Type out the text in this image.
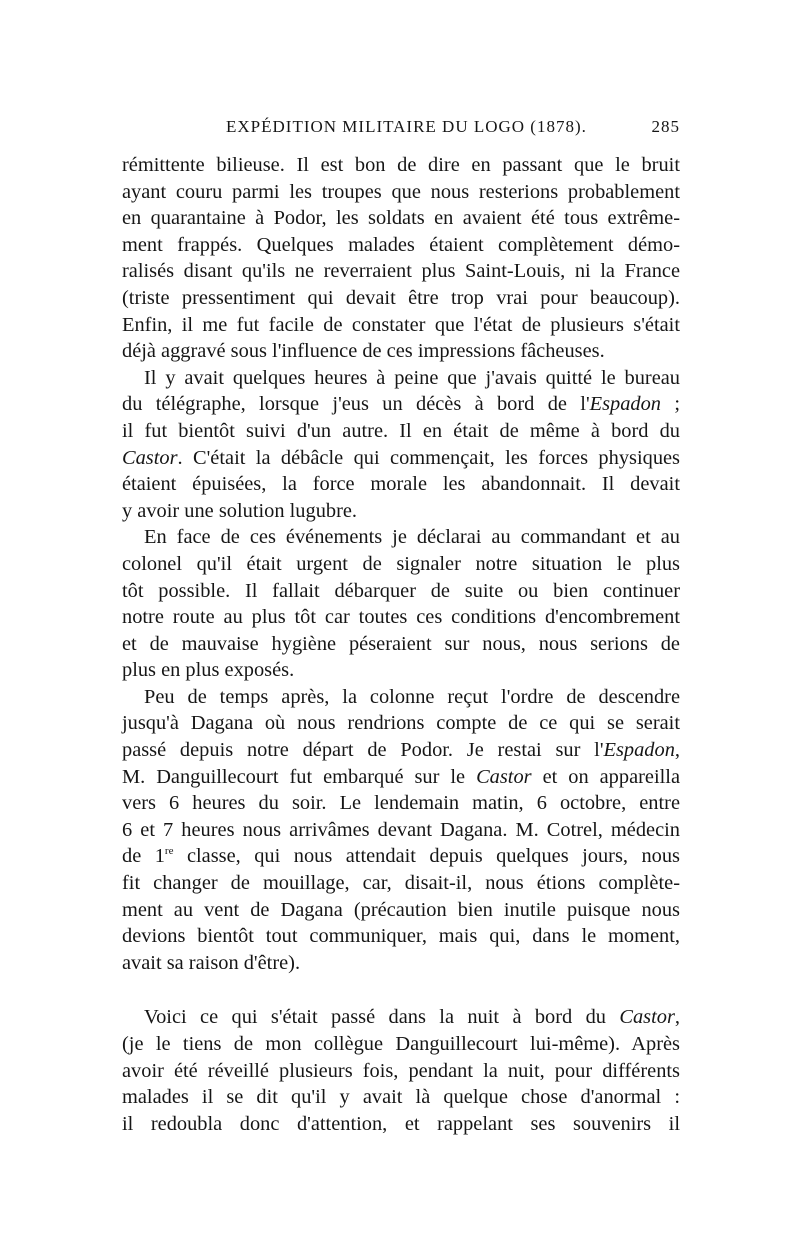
EXPÉDITION MILITAIRE DU LOGO (1878).	285
rémittente bilieuse. Il est bon de dire en passant que le bruit
ayant couru parmi les troupes que nous resterions probablement
en quarantaine à Podor, les soldats en avaient été tous extrême-
ment frappés. Quelques malades étaient complètement démo-
ralisés disant qu'ils ne reverraient plus Saint-Louis, ni la France
(triste pressentiment qui devait être trop vrai pour beaucoup).
Enfin, il me fut facile de constater que l'état de plusieurs s'était
déjà aggravé sous l'influence de ces impressions fâcheuses.
Il y avait quelques heures à peine que j'avais quitté le bureau
du télégraphe, lorsque j'eus un décès à bord de l'Espadon ;
il fut bientôt suivi d'un autre. Il en était de même à bord du
Castor. C'était la débâcle qui commençait, les forces physiques
étaient épuisées, la force morale les abandonnait. Il devait
y avoir une solution lugubre.
En face de ces événements je déclarai au commandant et au
colonel qu'il était urgent de signaler notre situation le plus
tôt possible. Il fallait débarquer de suite ou bien continuer
notre route au plus tôt car toutes ces conditions d'encombrement
et de mauvaise hygiène péseraient sur nous, nous serions de
plus en plus exposés.
Peu de temps après, la colonne reçut l'ordre de descendre
jusqu'à Dagana où nous rendrions compte de ce qui se serait
passé depuis notre départ de Podor. Je restai sur l'Espadon,
M. Danguillecourt fut embarqué sur le Castor et on appareilla
vers 6 heures du soir. Le lendemain matin, 6 octobre, entre
6 et 7 heures nous arrivâmes devant Dagana. M. Cotrel, médecin
de 1re classe, qui nous attendait depuis quelques jours, nous
fit changer de mouillage, car, disait-il, nous étions complète-
ment au vent de Dagana (précaution bien inutile puisque nous
devions bientôt tout communiquer, mais qui, dans le moment,
avait sa raison d'être).
Voici ce qui s'était passé dans la nuit à bord du Castor,
(je le tiens de mon collègue Danguillecourt lui-même). Après
avoir été réveillé plusieurs fois, pendant la nuit, pour différents
malades il se dit qu'il y avait là quelque chose d'anormal :
il redoubla donc d'attention, et rappelant ses souvenirs il
